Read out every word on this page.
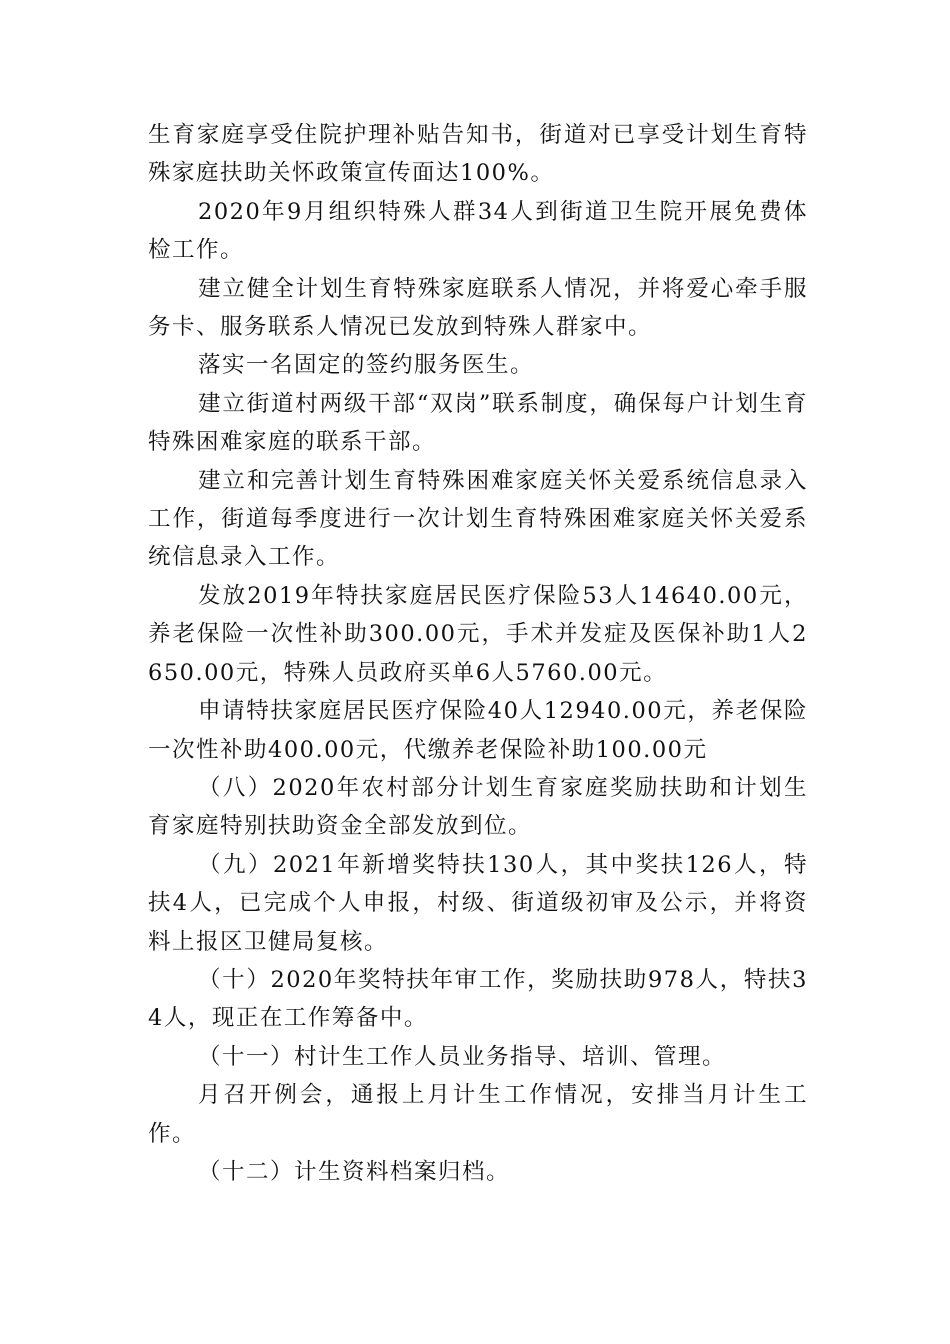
生育家庭享受住院护理补贴告知书，街道对已享受计划生育特殊家庭扶助关怀政策宣传面达100%。

2020年9月组织特殊人群34人到街道卫生院开展免费体检工作。

建立健全计划生育特殊家庭联系人情况，并将爱心牵手服务卡、服务联系人情况已发放到特殊人群家中。

落实一名固定的签约服务医生。

建立街道村两级干部“双岗”联系制度，确保每户计划生育特殊困难家庭的联系干部。

建立和完善计划生育特殊困难家庭关怀关爱系统信息录入工作，街道每季度进行一次计划生育特殊困难家庭关怀关爱系统信息录入工作。

发放2019年特扶家庭居民医疗保险53人14640.00元，养老保险一次性补助300.00元，手术并发症及医保补助1人2650.00元，特殊人员政府买单6人5760.00元。

申请特扶家庭居民医疗保险40人12940.00元，养老保险一次性补助400.00元，代缴养老保险补助100.00元

（八）2020年农村部分计划生育家庭奖励扶助和计划生育家庭特别扶助资金全部发放到位。

（九）2021年新增奖特扶130人，其中奖扶126人，特扶4人，已完成个人申报，村级、街道级初审及公示，并将资料上报区卫健局复核。

（十）2020年奖特扶年审工作，奖励扶助978人，特扶34人，现正在工作筹备中。

（十一）村计生工作人员业务指导、培训、管理。

月召开例会，通报上月计生工作情况，安排当月计生工作。

（十二）计生资料档案归档。
